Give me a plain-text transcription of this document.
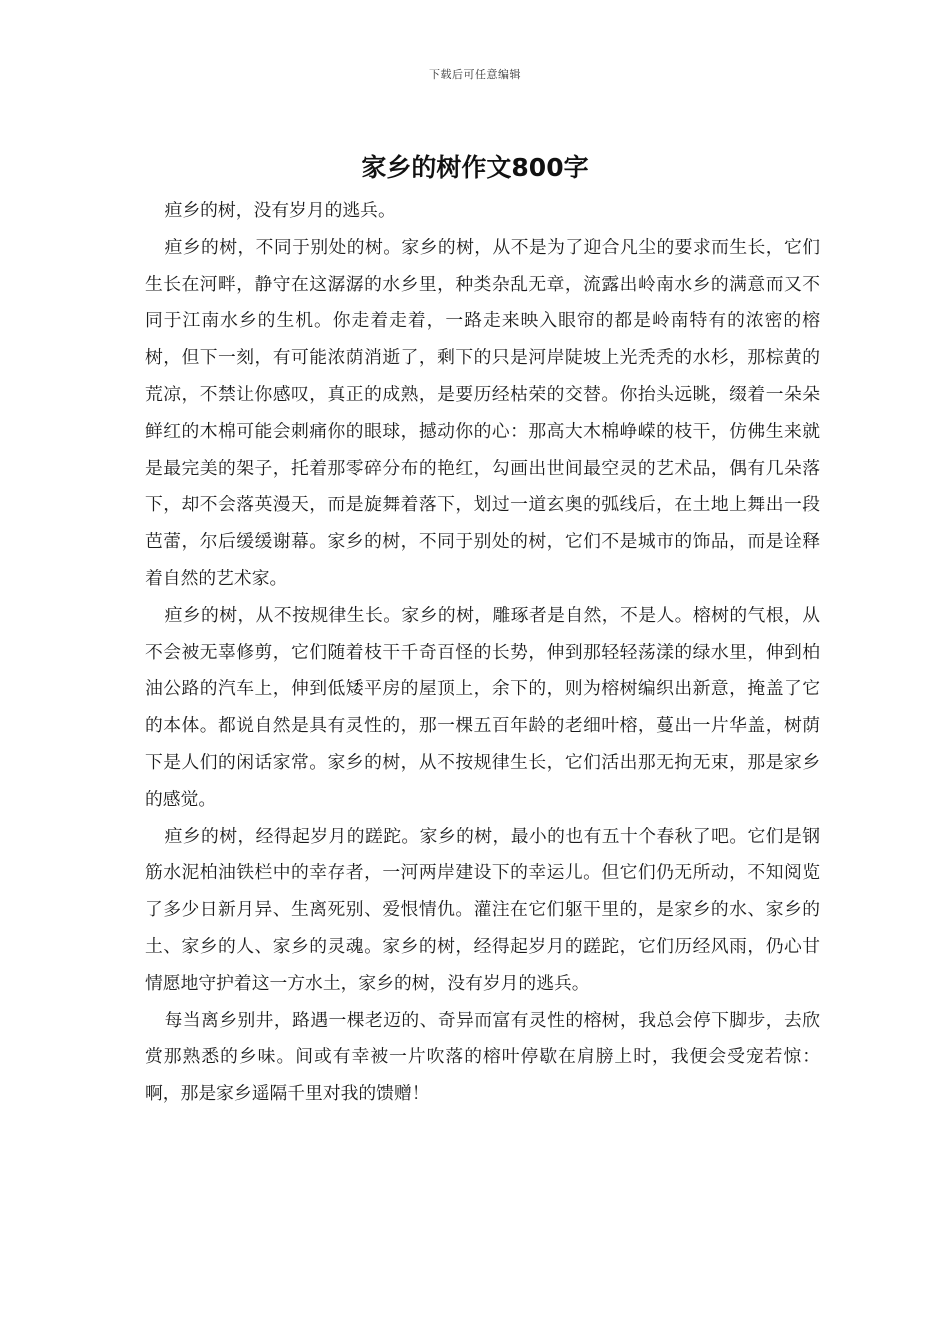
下载后可任意编辑
家乡的树作文800字

疸乡的树，没有岁月的逃兵。

疸乡的树，不同于别处的树。家乡的树，从不是为了迎合凡尘的要求而生长，它们生长在河畔，静守在这潺潺的水乡里，种类杂乱无章，流露出岭南水乡的满意而又不同于江南水乡的生机。你走着走着，一路走来映入眼帘的都是岭南特有的浓密的榕树，但下一刻，有可能浓荫消逝了，剩下的只是河岸陡坡上光秃秃的水杉，那棕黄的荒凉，不禁让你感叹，真正的成熟，是要历经枯荣的交替。你抬头远眺，缀着一朵朵鲜红的木棉可能会刺痛你的眼球，撼动你的心：那高大木棉峥嵘的枝干，仿佛生来就是最完美的架子，托着那零碎分布的艳红，勾画出世间最空灵的艺术品，偶有几朵落下，却不会落英漫天，而是旋舞着落下，划过一道玄奥的弧线后，在土地上舞出一段芭蕾，尔后缓缓谢幕。家乡的树，不同于别处的树，它们不是城市的饰品，而是诠释着自然的艺术家。

疸乡的树，从不按规律生长。家乡的树，雕琢者是自然，不是人。榕树的气根，从不会被无辜修剪，它们随着枝干千奇百怪的长势，伸到那轻轻荡漾的绿水里，伸到柏油公路的汽车上，伸到低矮平房的屋顶上，余下的，则为榕树编织出新意，掩盖了它的本体。都说自然是具有灵性的，那一棵五百年龄的老细叶榕，蔓出一片华盖，树荫下是人们的闲话家常。家乡的树，从不按规律生长，它们活出那无拘无束，那是家乡的感觉。

疸乡的树，经得起岁月的蹉跎。家乡的树，最小的也有五十个春秋了吧。它们是钢筋水泥柏油铁栏中的幸存者，一河两岸建设下的幸运儿。但它们仍无所动，不知阅览了多少日新月异、生离死别、爱恨情仇。灌注在它们躯干里的，是家乡的水、家乡的土、家乡的人、家乡的灵魂。家乡的树，经得起岁月的蹉跎，它们历经风雨，仍心甘情愿地守护着这一方水土，家乡的树，没有岁月的逃兵。

每当离乡别井，路遇一棵老迈的、奇异而富有灵性的榕树，我总会停下脚步，去欣赏那熟悉的乡味。间或有幸被一片吹落的榕叶停歇在肩膀上时，我便会受宠若惊：啊，那是家乡遥隔千里对我的馈赠！
